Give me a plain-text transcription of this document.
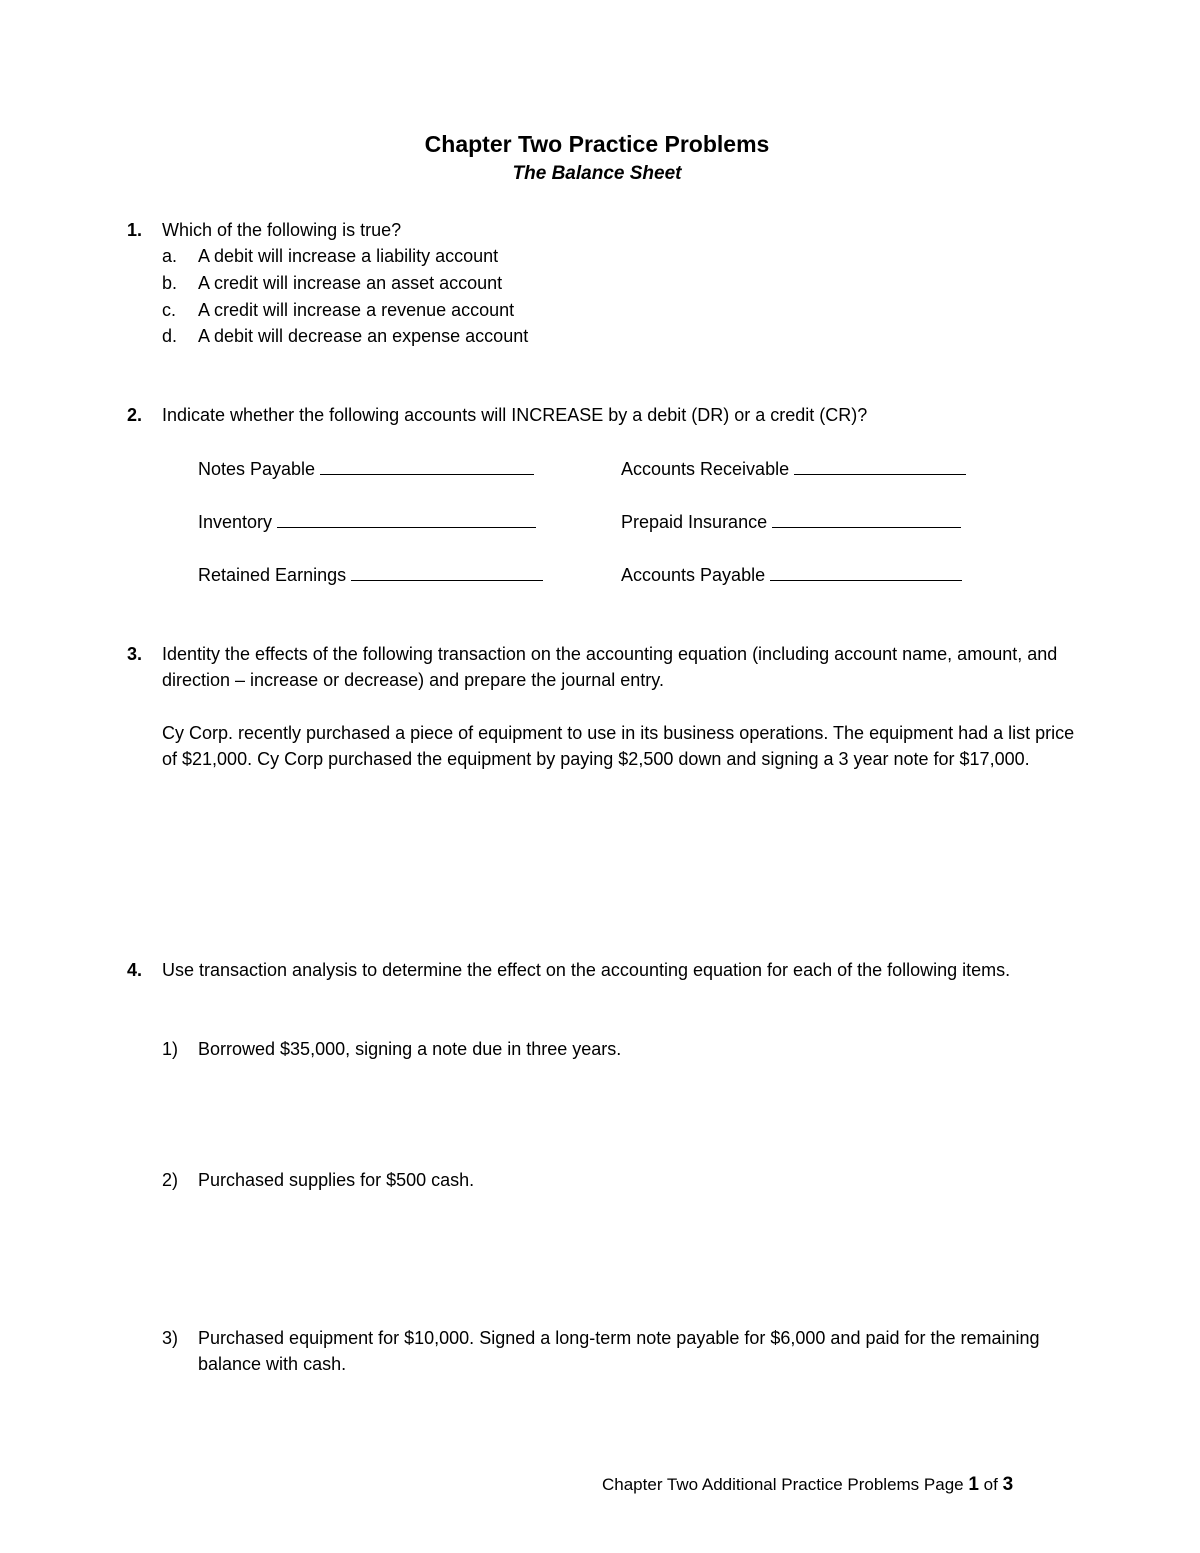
Chapter Two Practice Problems
The Balance Sheet
1. Which of the following is true?
a. A debit will increase a liability account
b. A credit will increase an asset account
c. A credit will increase a revenue account
d. A debit will decrease an expense account
2. Indicate whether the following accounts will INCREASE by a debit (DR) or a credit (CR)?
Notes Payable	Accounts Receivable
Inventory	Prepaid Insurance
Retained Earnings	Accounts Payable
3. Identity the effects of the following transaction on the accounting equation (including account name, amount, and direction – increase or decrease) and prepare the journal entry.
Cy Corp. recently purchased a piece of equipment to use in its business operations. The equipment had a list price of $21,000. Cy Corp purchased the equipment by paying $2,500 down and signing a 3 year note for $17,000.
4. Use transaction analysis to determine the effect on the accounting equation for each of the following items.
1) Borrowed $35,000, signing a note due in three years.
2) Purchased supplies for $500 cash.
3) Purchased equipment for $10,000. Signed a long-term note payable for $6,000 and paid for the remaining balance with cash.
Chapter Two Additional Practice Problems Page 1 of 3
